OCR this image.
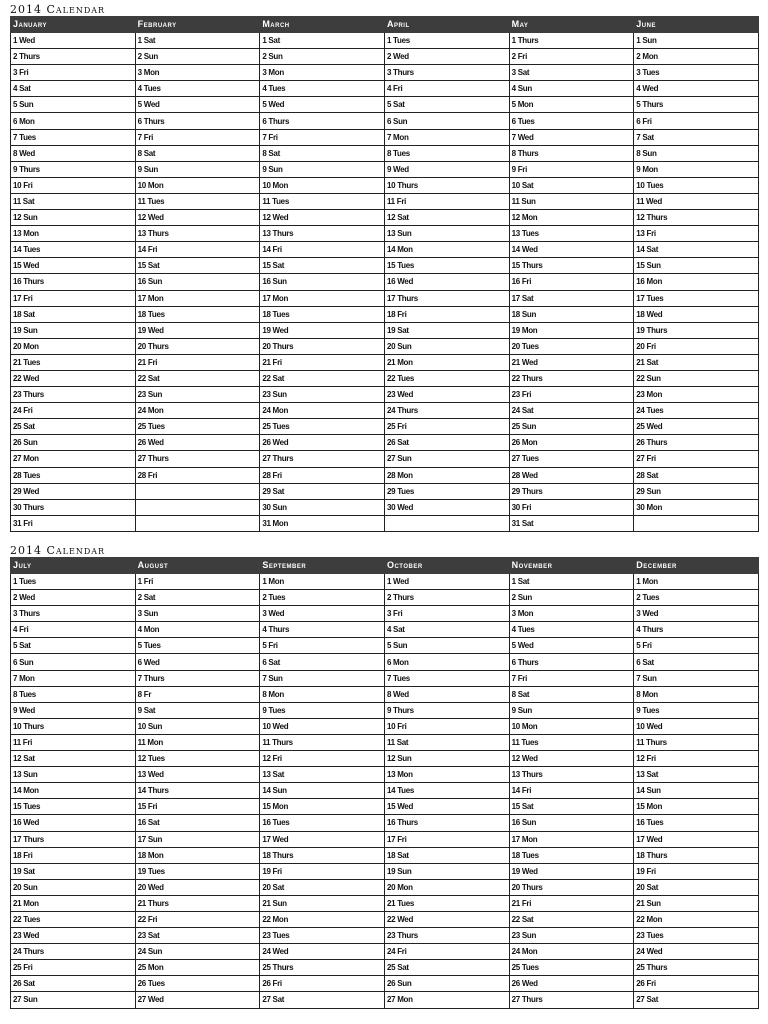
2014 Calendar
January	February	March	April	May	June
1 Wed	1 Sat	1 Sat	1 Tues	1 Thurs	1 Sun
2 Thurs	2 Sun	2 Sun	2 Wed	2 Fri	2 Mon
3 Fri	3 Mon	3 Mon	3 Thurs	3 Sat	3 Tues
4 Sat	4 Tues	4 Tues	4 Fri	4 Sun	4 Wed
5 Sun	5 Wed	5 Wed	5 Sat	5 Mon	5 Thurs
6 Mon	6 Thurs	6 Thurs	6 Sun	6 Tues	6 Fri
7 Tues	7 Fri	7 Fri	7 Mon	7 Wed	7 Sat
8 Wed	8 Sat	8 Sat	8 Tues	8 Thurs	8 Sun
9 Thurs	9 Sun	9 Sun	9 Wed	9 Fri	9 Mon
10 Fri	10 Mon	10 Mon	10 Thurs	10 Sat	10 Tues
11 Sat	11 Tues	11 Tues	11 Fri	11 Sun	11 Wed
12 Sun	12 Wed	12 Wed	12 Sat	12 Mon	12 Thurs
13 Mon	13 Thurs	13 Thurs	13 Sun	13 Tues	13 Fri
14 Tues	14 Fri	14 Fri	14 Mon	14 Wed	14 Sat
15 Wed	15 Sat	15 Sat	15 Tues	15 Thurs	15 Sun
16 Thurs	16 Sun	16 Sun	16 Wed	16 Fri	16 Mon
17 Fri	17 Mon	17 Mon	17 Thurs	17 Sat	17 Tues
18 Sat	18 Tues	18 Tues	18 Fri	18 Sun	18 Wed
19 Sun	19 Wed	19 Wed	19 Sat	19 Mon	19 Thurs
20 Mon	20 Thurs	20 Thurs	20 Sun	20 Tues	20 Fri
21 Tues	21 Fri	21 Fri	21 Mon	21 Wed	21 Sat
22 Wed	22 Sat	22 Sat	22 Tues	22 Thurs	22 Sun
23 Thurs	23 Sun	23 Sun	23 Wed	23 Fri	23 Mon
24 Fri	24 Mon	24 Mon	24 Thurs	24 Sat	24 Tues
25 Sat	25 Tues	25 Tues	25 Fri	25 Sun	25 Wed
26 Sun	26 Wed	26 Wed	26 Sat	26 Mon	26 Thurs
27 Mon	27 Thurs	27 Thurs	27 Sun	27 Tues	27 Fri
28 Tues	28 Fri	28 Fri	28 Mon	28 Wed	28 Sat
29 Wed		29 Sat	29 Tues	29 Thurs	29 Sun
30 Thurs		30 Sun	30 Wed	30 Fri	30 Mon
31 Fri		31 Mon		31 Sat	
2014 Calendar
July	August	September	October	November	December
1 Tues	1 Fri	1 Mon	1 Wed	1 Sat	1 Mon
2 Wed	2 Sat	2 Tues	2 Thurs	2 Sun	2 Tues
3 Thurs	3 Sun	3 Wed	3 Fri	3 Mon	3 Wed
4 Fri	4 Mon	4 Thurs	4 Sat	4 Tues	4 Thurs
5 Sat	5 Tues	5 Fri	5 Sun	5 Wed	5 Fri
6 Sun	6 Wed	6 Sat	6 Mon	6 Thurs	6 Sat
7 Mon	7 Thurs	7 Sun	7 Tues	7 Fri	7 Sun
8 Tues	8 Fr	8 Mon	8 Wed	8 Sat	8 Mon
9 Wed	9 Sat	9 Tues	9 Thurs	9 Sun	9 Tues
10 Thurs	10 Sun	10 Wed	10 Fri	10 Mon	10 Wed
11 Fri	11 Mon	11 Thurs	11 Sat	11 Tues	11 Thurs
12 Sat	12 Tues	12 Fri	12 Sun	12 Wed	12 Fri
13 Sun	13 Wed	13 Sat	13 Mon	13 Thurs	13 Sat
14 Mon	14 Thurs	14 Sun	14 Tues	14 Fri	14 Sun
15 Tues	15 Fri	15 Mon	15 Wed	15 Sat	15 Mon
16 Wed	16 Sat	16 Tues	16 Thurs	16 Sun	16 Tues
17 Thurs	17 Sun	17 Wed	17 Fri	17 Mon	17 Wed
18 Fri	18 Mon	18 Thurs	18 Sat	18 Tues	18 Thurs
19 Sat	19 Tues	19 Fri	19 Sun	19 Wed	19 Fri
20 Sun	20 Wed	20 Sat	20 Mon	20 Thurs	20 Sat
21 Mon	21 Thurs	21 Sun	21 Tues	21 Fri	21 Sun
22 Tues	22 Fri	22 Mon	22 Wed	22 Sat	22 Mon
23 Wed	23 Sat	23 Tues	23 Thurs	23 Sun	23 Tues
24 Thurs	24 Sun	24 Wed	24 Fri	24 Mon	24 Wed
25 Fri	25 Mon	25 Thurs	25 Sat	25 Tues	25 Thurs
26 Sat	26 Tues	26 Fri	26 Sun	26 Wed	26 Fri
27 Sun	27 Wed	27 Sat	27 Mon	27 Thurs	27 Sat
